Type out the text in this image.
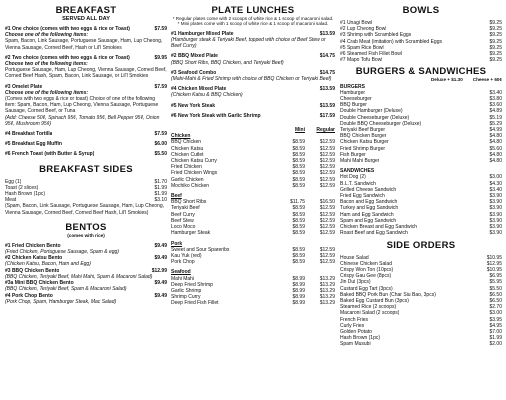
BREAKFAST
SERVED ALL DAY
#1 One choice (comes with two eggs & rice or Toast)	$7.59
Choose one of the following items:
Spam, Bacon, Link Sausage, Portuguese Sausage, Ham, Lup Cheong, Vienna Sausage, Corned Beef, Hash or Lil'l Smokies
#2 Two choice (comes with two eggs & rice or Toast)	$9.95
Choose two of the following items:
Portuguese Sausage, Ham, Lup Cheong, Vienna Sausage, Corned Beef, Corned Beef Hash, Spam, Bacon, Link Sausage, or Lil'l Smokies
#3 Omelet Plate	$7.59
Choose one of the following items:
(Comes with two eggs & rice or toast) Choice of one of the following item: Spam, Bacon, Ham, Lup Cheong, Vienna Sausage, Portuguese Sausage, Corned Beef, or Tuna
(Add: Cheese 50¢, Spinach 95¢, Tomato 95¢, Bell Pepper 95¢, Onion 95¢, Mushroom 95¢)
#4 Breakfast Tortilla	$7.59
#5 Breakfast Egg Muffin	$6.00
#6 French Toast (with Butter & Syrup)	$5.50
BREAKFAST SIDES
Egg (1)	$1.70
Toast (2 slices)	$1.99
Hash Brown (1pc)	$1.99
Meat	$3.10
(Spam, Bacon, Link Sausage, Portuguese Sausage, Ham, Lup Cheong, Vienna Sausage, Corned Beef, Corned Beef Hash, Lil'l Smokies)
BENTOS
(comes with rice)
#1 Fried Chicken Bento	$9.49
(Fried Chicken, Portuguese Sausage, Spam & egg)
#2 Chicken Katsu Bento	$9.49
(Chicken Katsu, Bacon, Ham and Egg)
#3 BBQ Chicken Bento	$12.99
(BBQ Chicken, Teriyaki Beef, Mahi Mahi, Spam & Macaroni Salad)
#3a Mini BBQ Chicken Bento	$9.49
(BBQ Chicken, Teriyaki Beef, Spam & Macaroni Salad)
#4 Pork Chop Bento	$9.49
(Pork Chop, Spam, Hamburger Steak, Mac Salad)
PLATE LUNCHES
* Regular plates come with 2 scoops of white rice & 1 scoop of macaroni salad.
* Mini plates come with 1 scoop of white rice & 1 scoop of macaroni salad.
#1 Hamburger Mixed Plate	$13.59
(Hamburger steak & Teriyaki Beef, topped with choice of Beef Stew or Beef Curry)
#2 BBQ Mixed Plate	$14.75
(BBQ Short Ribs, BBQ Chicken, and Teriyaki Beef)
#3 Seafood Combo	$14.75
(Mahi-Mahi & Fried Shrimp with choice of BBQ Chicken or Teriyaki Beef)
#4 Chicken Mixed Plate	$13.59
(Chicken Katsu & BBQ Chicken)
#5 New York Steak	$13.59
#6 New York Steak with Garlic Shrimp	$17.59
Mini	Regular
Chicken
BBQ Chicken	$8.59	$12.59
Chicken Katsu	$8.59	$12.59
Chicken Cutlet	$8.59	$12.59
Chicken Katsu Curry	$8.59	$12.59
Fried Chicken	$8.59	$12.59
Fried Chicken Wings	$8.59	$12.59
Garlic Chicken	$8.59	$12.59
Mochiko Chicken	$8.59	$12.59
Beef
BBQ Short Ribs	$11.75	$16.50
Teriyaki Beef	$8.59	$12.59
Beef Curry	$8.59	$12.59
Beef Stew	$8.59	$12.59
Loco Moco	$8.59	$12.59
Hamburger Steak	$8.59	$12.59
Pork
Sweet and Sour Spareribs	$8.59	$12.59
Kau Yuk (red)	$8.59	$12.59
Pork Chop	$8.59	$12.59
Seafood
Mahi Mahi	$8.99	$13.29
Deep Fried Shrimp	$8.99	$13.29
Garlic Shrimp	$8.99	$13.29
Shrimp Curry	$8.99	$13.29
Deep Fried Fish Fillet	$8.99	$13.29
BOWLS
#1 Unagi Bowl	$9.25
#2 Lup Cheong Bowl	$9.25
#3 Shrimp with Scrambled Eggs	$9.25
#4 Crab Meat (imitation) with Scrambled Eggs	$9.25
#5 Spam Rice Bowl	$9.25
#6 Steamed Fish Fillet Bowl	$9.25
#7 Mapo Tofu Bowl	$9.25
BURGERS & SANDWICHES
Deluxe + $1.30 Cheese + 60¢
BURGERS
Hamburger	$3.40
Cheeseburger	$3.80
BBQ Burger	$3.60
Double Hamburger (Deluxe)	$4.89
Double Cheeseburger (Deluxe)	$5.19
Double BBQ Cheeseburger (Deluxe)	$5.29
Teriyaki Beef Burger	$4.99
BBQ Chicken Burger	$4.80
Chicken Katsu Burger	$4.80
Fried Shrimp Burger	$5.60
Fish Burger	$4.80
Mahi Mahi Burger	$4.80
SANDWICHES
Hot Dog (2)	$3.00
B.L.T. Sandwich	$4.30
Grilled Cheese Sandwich	$3.40
Fried Egg Sandwich	$3.90
Bacon and Egg Sandwich	$3.90
Turkey and Egg Sandwich	$3.90
Ham and Egg Sandwich	$3.90
Spam and Egg Sandwich	$3.90
Chicken Breast and Egg Sandwich	$3.90
Roast Beef and Egg Sandwich	$3.90
SIDE ORDERS
House Salad	$10.95
Chinese Chicken Salad	$12.95
Crispy Won Ton (10pcs)	$10.95
Crispy Gau Gee (8pcs)	$6.95
Jin Dui (3pcs)	$5.95
Custard Egg Tart (3pcs)	$5.50
Baked BBQ Pork Bun (Char Siu Bao, 3pcs)	$6.50
Baked Egg Custard Bun (3pcs)	$6.50
Steamed Rice (2 scoops)	$2.70
Macaroni Salad (2 scoops)	$3.00
French Fries	$3.95
Curly Fries	$4.95
Golden Potato	$7.00
Hash Brown (1pc)	$1.99
Spam Musubi	$2.00
